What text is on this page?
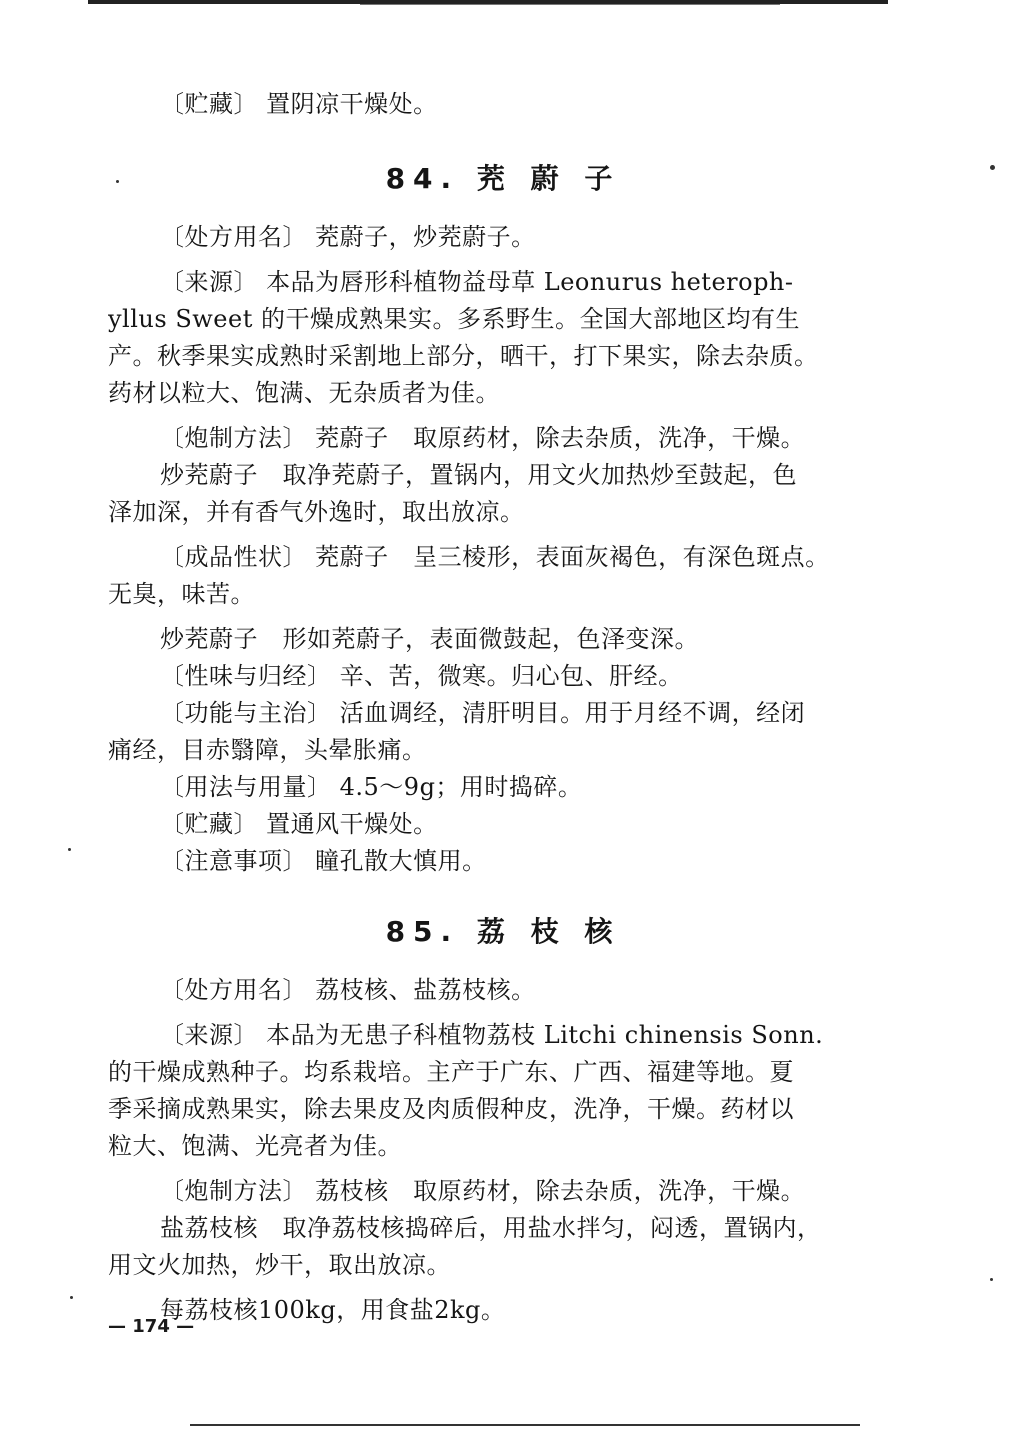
〔贮藏〕 置阴凉干燥处。
84. 茺 蔚 子
〔处方用名〕 茺蔚子，炒茺蔚子。
〔来源〕 本品为唇形科植物益母草 Leonurus heteroph-
yllus Sweet 的干燥成熟果实。多系野生。全国大部地区均有生
产。秋季果实成熟时采割地上部分，晒干，打下果实，除去杂质。
药材以粒大、饱满、无杂质者为佳。
〔炮制方法〕 茺蔚子　取原药材，除去杂质，洗净，干燥。
炒茺蔚子　取净茺蔚子，置锅内，用文火加热炒至鼓起，色
泽加深，并有香气外逸时，取出放凉。
〔成品性状〕 茺蔚子　呈三棱形，表面灰褐色，有深色斑点。
无臭，味苦。
炒茺蔚子　形如茺蔚子，表面微鼓起，色泽变深。
〔性味与归经〕 辛、苦，微寒。归心包、肝经。
〔功能与主治〕 活血调经，清肝明目。用于月经不调，经闭
痛经，目赤翳障，头晕胀痛。
〔用法与用量〕 4.5～9g；用时捣碎。
〔贮藏〕 置通风干燥处。
〔注意事项〕 瞳孔散大慎用。
85. 荔 枝 核
〔处方用名〕 荔枝核、盐荔枝核。
〔来源〕 本品为无患子科植物荔枝 Litchi chinensis Sonn.
的干燥成熟种子。均系栽培。主产于广东、广西、福建等地。夏
季采摘成熟果实，除去果皮及肉质假种皮，洗净，干燥。药材以
粒大、饱满、光亮者为佳。
〔炮制方法〕 荔枝核　取原药材，除去杂质，洗净，干燥。
盐荔枝核　取净荔枝核捣碎后，用盐水拌匀，闷透，置锅内，
用文火加热，炒干，取出放凉。
每荔枝核100kg，用食盐2kg。
— 174 —
